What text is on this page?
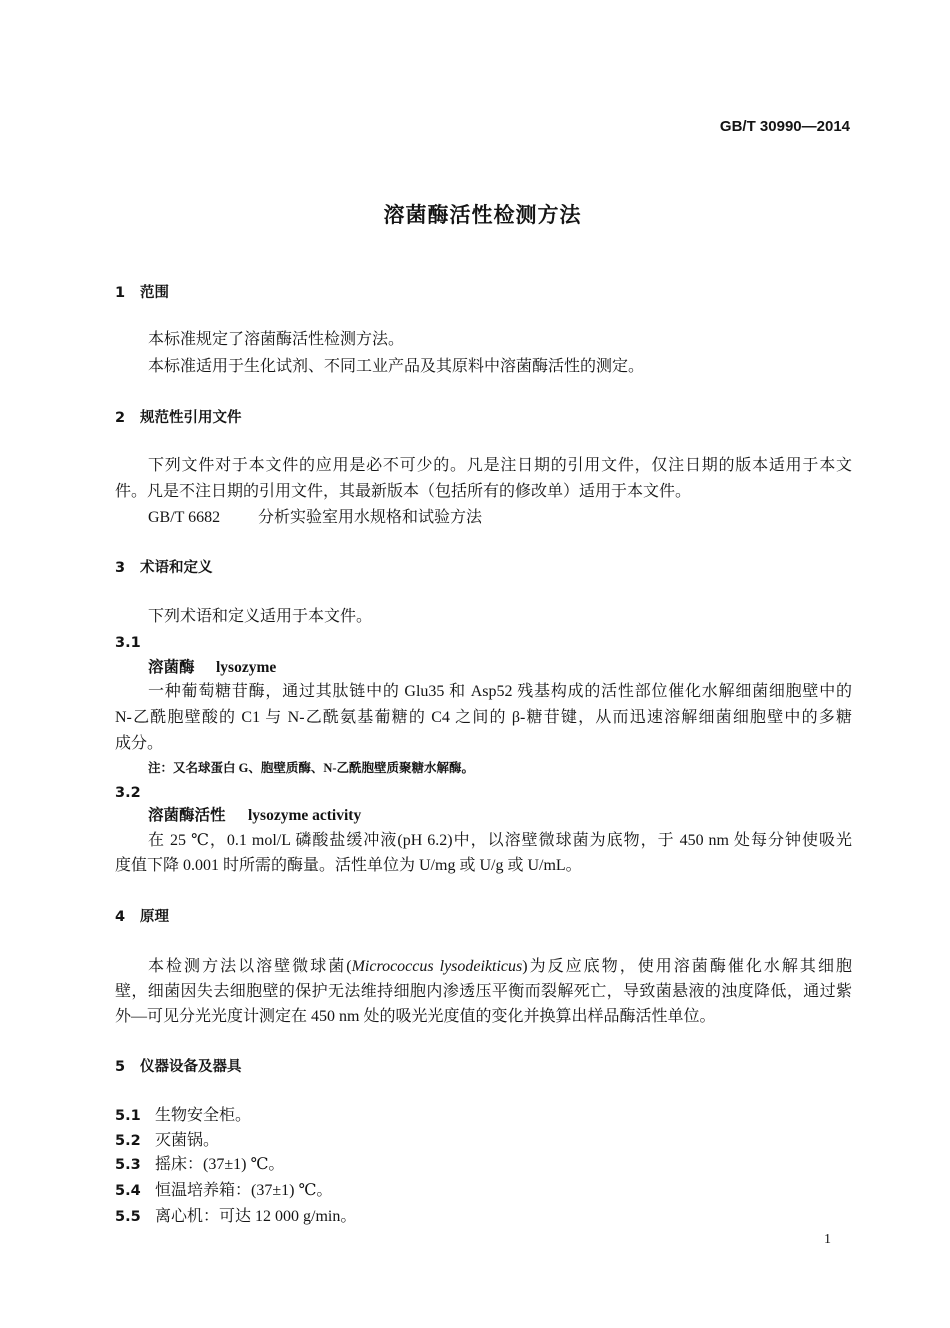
GB/T 30990—2014
溶菌酶活性检测方法
1 范围
本标准规定了溶菌酶活性检测方法。
本标准适用于生化试剂、不同工业产品及其原料中溶菌酶活性的测定。
2 规范性引用文件
下列文件对于本文件的应用是必不可少的。凡是注日期的引用文件，仅注日期的版本适用于本文
件。凡是不注日期的引用文件，其最新版本（包括所有的修改单）适用于本文件。
GB/T 6682 分析实验室用水规格和试验方法
3 术语和定义
下列术语和定义适用于本文件。
3.1
溶菌酶 lysozyme
一种葡萄糖苷酶，通过其肽链中的 Glu35 和 Asp52 残基构成的活性部位催化水解细菌细胞壁中的
N-乙酰胞壁酸的 C1 与 N-乙酰氨基葡糖的 C4 之间的 β-糖苷键，从而迅速溶解细菌细胞壁中的多糖
成分。
注：又名球蛋白 G、胞壁质酶、N-乙酰胞壁质聚糖水解酶。
3.2
溶菌酶活性 lysozyme activity
在 25 ℃，0.1 mol/L 磷酸盐缓冲液(pH 6.2)中，以溶壁微球菌为底物，于 450 nm 处每分钟使吸光
度值下降 0.001 时所需的酶量。活性单位为 U/mg 或 U/g 或 U/mL。
4 原理
本检测方法以溶壁微球菌(Micrococcus lysodeikticus)为反应底物，使用溶菌酶催化水解其细胞
壁，细菌因失去细胞壁的保护无法维持细胞内渗透压平衡而裂解死亡，导致菌悬液的浊度降低，通过紫
外—可见分光光度计测定在 450 nm 处的吸光光度值的变化并换算出样品酶活性单位。
5 仪器设备及器具
5.1 生物安全柜。
5.2 灭菌锅。
5.3 摇床：(37±1) ℃。
5.4 恒温培养箱：(37±1) ℃。
5.5 离心机：可达 12 000 g/min。
1
